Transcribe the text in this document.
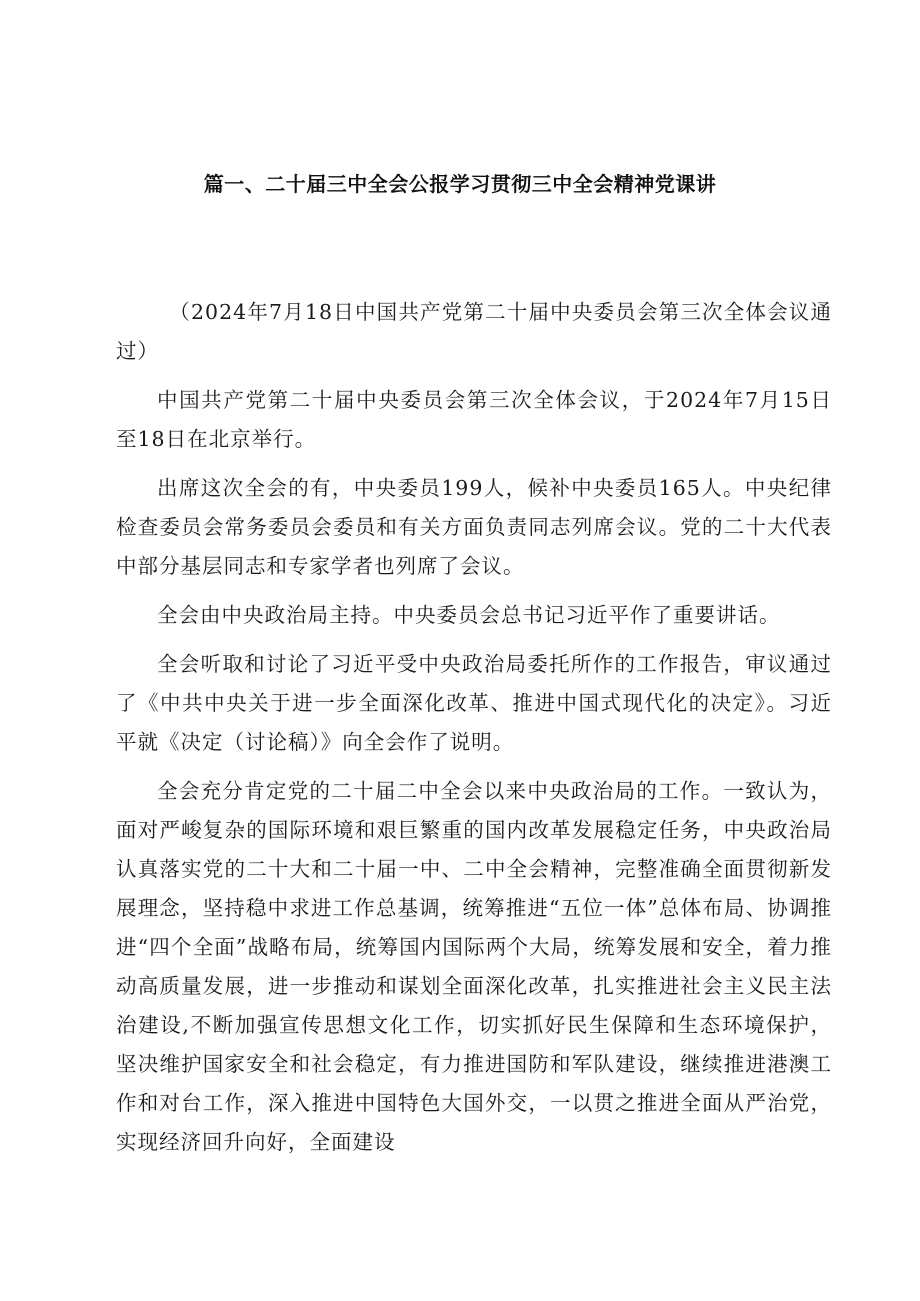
篇一、二十届三中全会公报学习贯彻三中全会精神党课讲

（2024年7月18日中国共产党第二十届中央委员会第三次全体会议通过）

中国共产党第二十届中央委员会第三次全体会议，于2024年7月15日至18日在北京举行。

出席这次全会的有，中央委员199人，候补中央委员165人。中央纪律检查委员会常务委员会委员和有关方面负责同志列席会议。党的二十大代表中部分基层同志和专家学者也列席了会议。

全会由中央政治局主持。中央委员会总书记习近平作了重要讲话。

全会听取和讨论了习近平受中央政治局委托所作的工作报告，审议通过了《中共中央关于进一步全面深化改革、推进中国式现代化的决定》。习近平就《决定（讨论稿）》向全会作了说明。

全会充分肯定党的二十届二中全会以来中央政治局的工作。一致认为，面对严峻复杂的国际环境和艰巨繁重的国内改革发展稳定任务，中央政治局认真落实党的二十大和二十届一中、二中全会精神，完整准确全面贯彻新发展理念，坚持稳中求进工作总基调，统筹推进“五位一体”总体布局、协调推进“四个全面”战略布局，统筹国内国际两个大局，统筹发展和安全，着力推动高质量发展，进一步推动和谋划全面深化改革，扎实推进社会主义民主法治建设,不断加强宣传思想文化工作，切实抓好民生保障和生态环境保护，坚决维护国家安全和社会稳定，有力推进国防和军队建设，继续推进港澳工作和对台工作，深入推进中国特色大国外交，一以贯之推进全面从严治党，实现经济回升向好，全面建设
